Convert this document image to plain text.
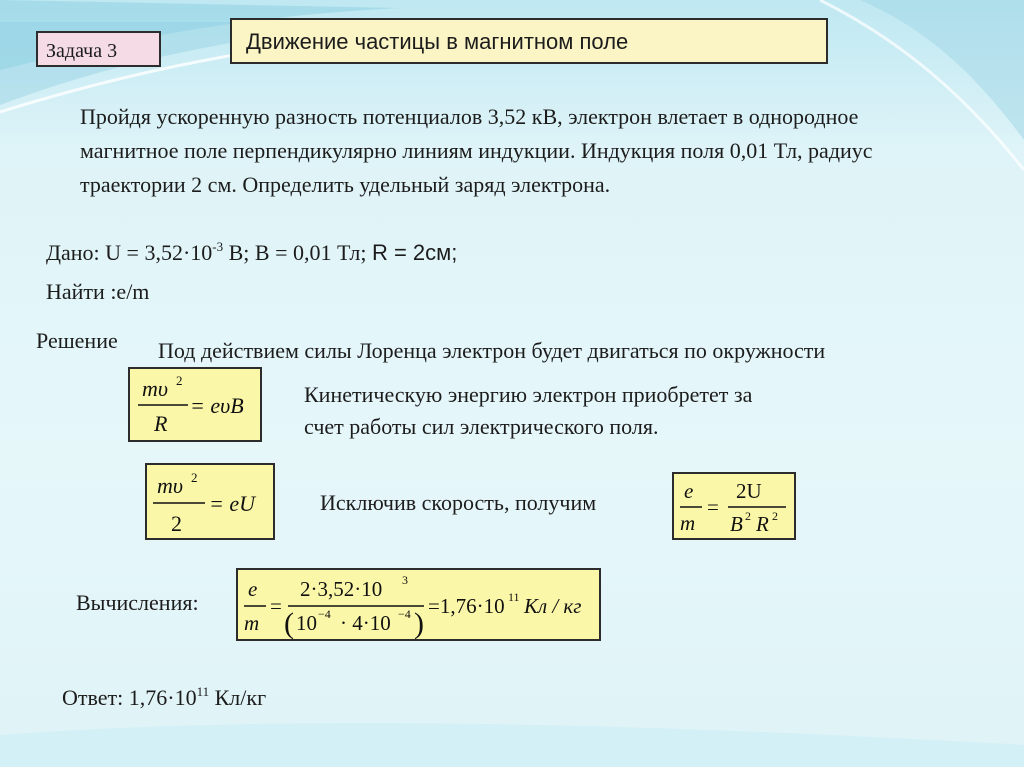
Задача 3	Движение частицы в магнитном поле
Пройдя ускоренную разность потенциалов 3,52 кВ, электрон влетает в однородное магнитное поле перпендикулярно линиям индукции. Индукция поля 0,01 Тл, радиус траектории 2 см. Определить удельный заряд электрона.
Дано: $U = 3,52\cdot 10^{-3}$ В; B = 0,01 Тл; R = 2см;
Найти :e/m
Решение Под действием силы Лоренца электрон будет двигаться по окружности
mυ 2
R
= eυB	Кинетическую энергию электрон приобретет за
счет работы сил электрического поля.
mυ 2
2
= eU	Исключив скорость, получим	e
m
=
2U
B 2 R 2
Вычисления:
e
m
=
2·3,52·10 3
( 10 −4 · 4·10 −4 )
=1,76·10 11 Кл / кг
Ответ: $1,76\cdot 10^{11}$ Кл/кг
